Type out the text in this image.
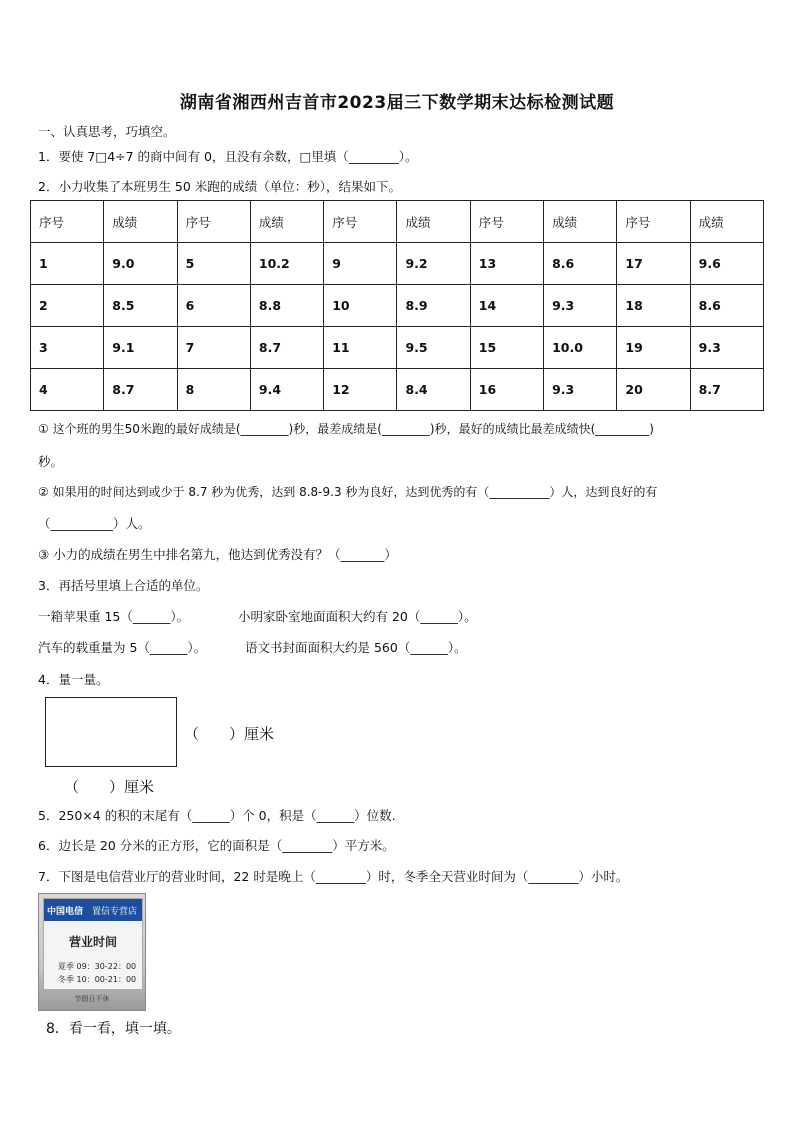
湖南省湘西州吉首市2023届三下数学期末达标检测试题
一、认真思考，巧填空。
1．要使 7□4÷7 的商中间有 0，且没有余数，□里填（________）。
2．小力收集了本班男生 50 米跑的成绩（单位：秒），结果如下。
序号	成绩	序号	成绩	序号	成绩	序号	成绩	序号	成绩
1	9.0	5	10.2	9	9.2	13	8.6	17	9.6
2	8.5	6	8.8	10	8.9	14	9.3	18	8.6
3	9.1	7	8.7	11	9.5	15	10.0	19	9.3
4	8.7	8	9.4	12	8.4	16	9.3	20	8.7
① 这个班的男生50米跑的最好成绩是(________)秒，最差成绩是(________)秒，最好的成绩比最差成绩快(_________)
秒。
② 如果用的时间达到或少于 8.7 秒为优秀，达到 8.8-9.3 秒为良好，达到优秀的有（__________）人，达到良好的有
（__________）人。
③ 小力的成绩在男生中排名第九，他达到优秀没有？（_______）
3．再括号里填上合适的单位。
一箱苹果重 15（______）。	小明家卧室地面面积大约有 20（______）。
汽车的载重量为 5（______）。	语文书封面面积大约是 560（______）。
4．量一量。
（　　）厘米
（　　）厘米
5．250×4 的积的末尾有（______）个 0，积是（______）位数.
6．边长是 20 分米的正方形，它的面积是（________）平方米。
7．下图是电信营业厅的营业时间，22 时是晚上（________）时，冬季全天营业时间为（________）小时。
中国电信 置信专营店
营业时间
夏季 09：30-22：00
冬季 10：00-21：00
节假日不休
8．看一看，填一填。
